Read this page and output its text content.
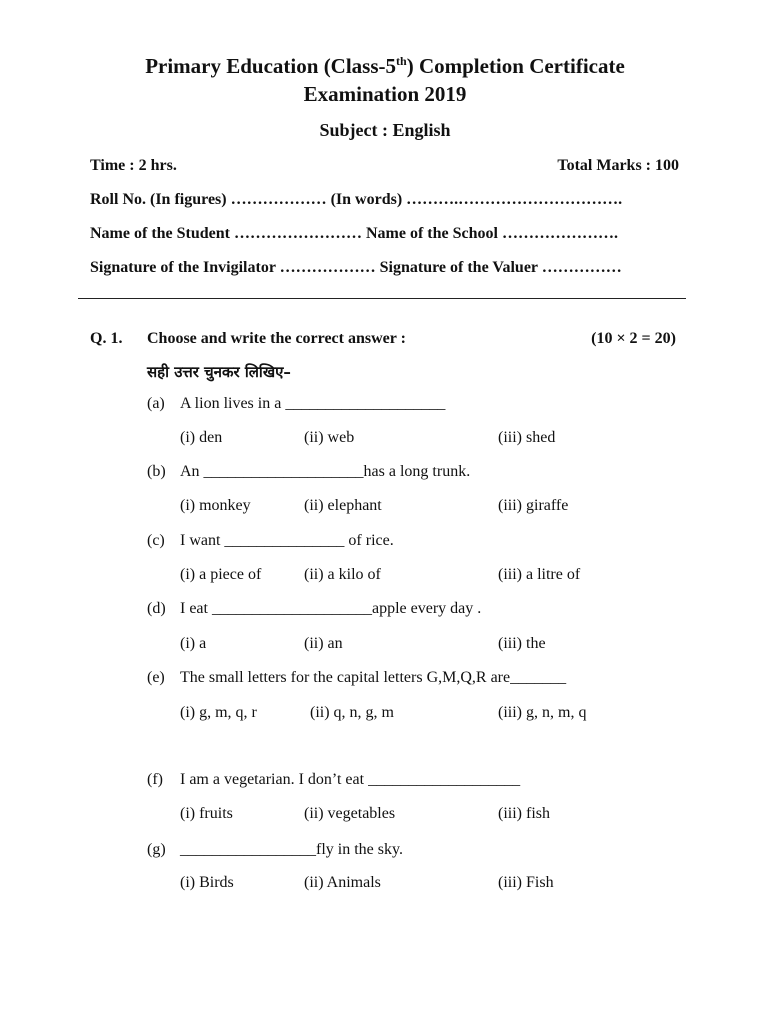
Primary Education (Class-5th) Completion Certificate
Examination 2019
Subject : English
Time : 2 hrs.	Total Marks : 100
Roll No. (In figures) ……………… (In words) ……….………………………….
Name of the Student …………………… Name of the School ………………….
Signature of the Invigilator ……………… Signature of the Valuer ……………
Q. 1. Choose and write the correct answer :	(10 × 2 = 20)
सही उत्तर चुनकर लिखिए–
(a) A lion lives in a ____________________
(i) den	(ii) web	(iii) shed
(b) An ____________________has a long trunk.
(i) monkey	(ii) elephant	(iii) giraffe
(c) I want _______________ of rice.
(i) a piece of	(ii) a kilo of	(iii) a litre of
(d) I eat ____________________apple every day .
(i) a	(ii) an	(iii) the
(e) The small letters for the capital letters G,M,Q,R are_______
(i) g, m, q, r	(ii) q, n, g, m	(iii) g, n, m, q
(f) I am a vegetarian. I don’t eat ___________________
(i) fruits	(ii) vegetables	(iii) fish
(g) _________________fly in the sky.
(i) Birds	(ii) Animals	(iii) Fish
